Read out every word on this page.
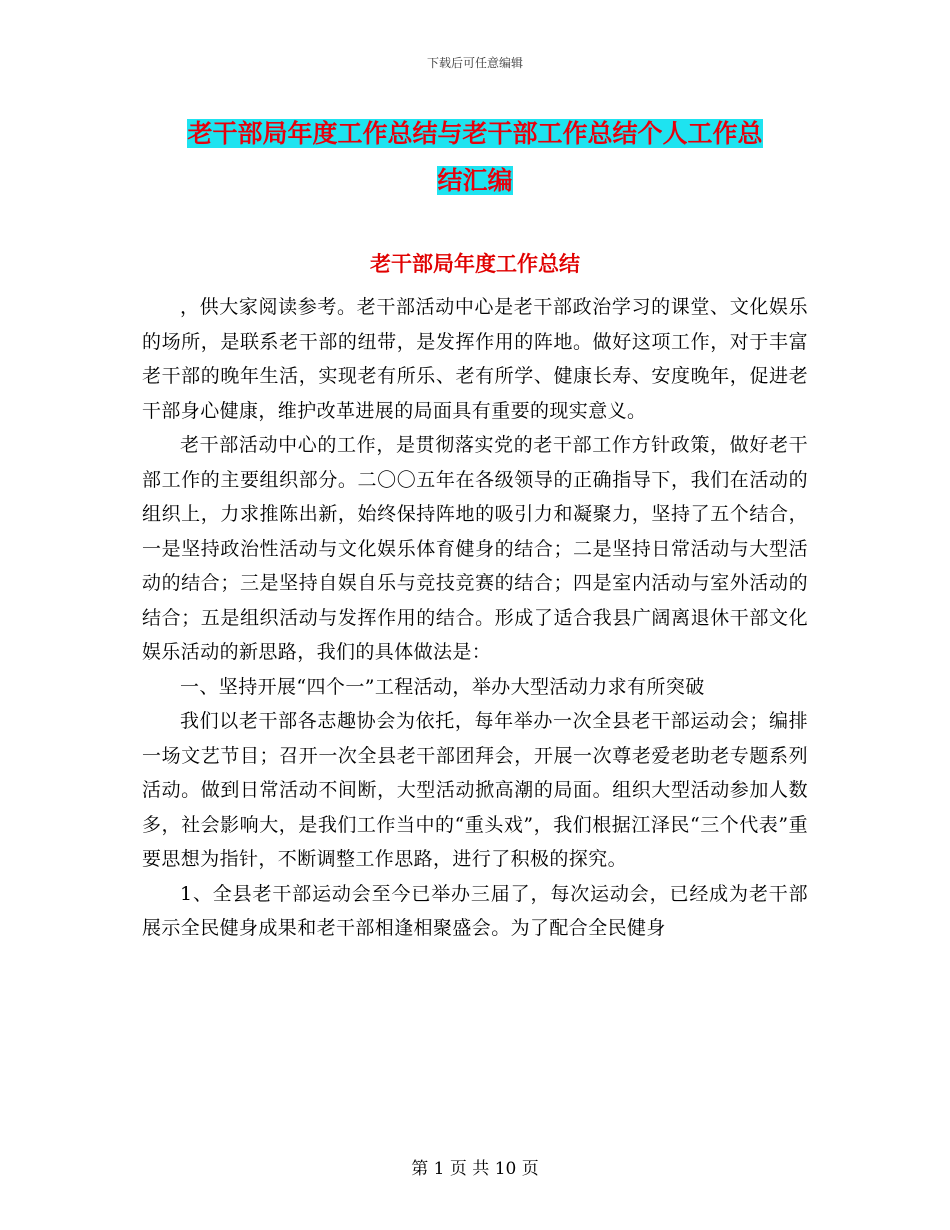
下载后可任意编辑
老干部局年度工作总结与老干部工作总结个人工作总
结汇编
老干部局年度工作总结

，供大家阅读参考。老干部活动中心是老干部政治学习的课堂、文化娱乐的场所，是联系老干部的纽带，是发挥作用的阵地。做好这项工作，对于丰富老干部的晚年生活，实现老有所乐、老有所学、健康长寿、安度晚年，促进老干部身心健康，维护改革进展的局面具有重要的现实意义。

老干部活动中心的工作，是贯彻落实党的老干部工作方针政策，做好老干部工作的主要组织部分。二〇〇五年在各级领导的正确指导下，我们在活动的组织上，力求推陈出新，始终保持阵地的吸引力和凝聚力，坚持了五个结合，一是坚持政治性活动与文化娱乐体育健身的结合；二是坚持日常活动与大型活动的结合；三是坚持自娱自乐与竞技竞赛的结合；四是室内活动与室外活动的结合；五是组织活动与发挥作用的结合。形成了适合我县广阔离退休干部文化娱乐活动的新思路，我们的具体做法是：

一、坚持开展“四个一”工程活动，举办大型活动力求有所突破

我们以老干部各志趣协会为依托，每年举办一次全县老干部运动会；编排一场文艺节目；召开一次全县老干部团拜会，开展一次尊老爱老助老专题系列活动。做到日常活动不间断，大型活动掀高潮的局面。组织大型活动参加人数多，社会影响大，是我们工作当中的“重头戏”，我们根据江泽民“三个代表”重要思想为指针，不断调整工作思路，进行了积极的探究。

1、全县老干部运动会至今已举办三届了，每次运动会，已经成为老干部展示全民健身成果和老干部相逢相聚盛会。为了配合全民健身

第 1 页 共 10 页
